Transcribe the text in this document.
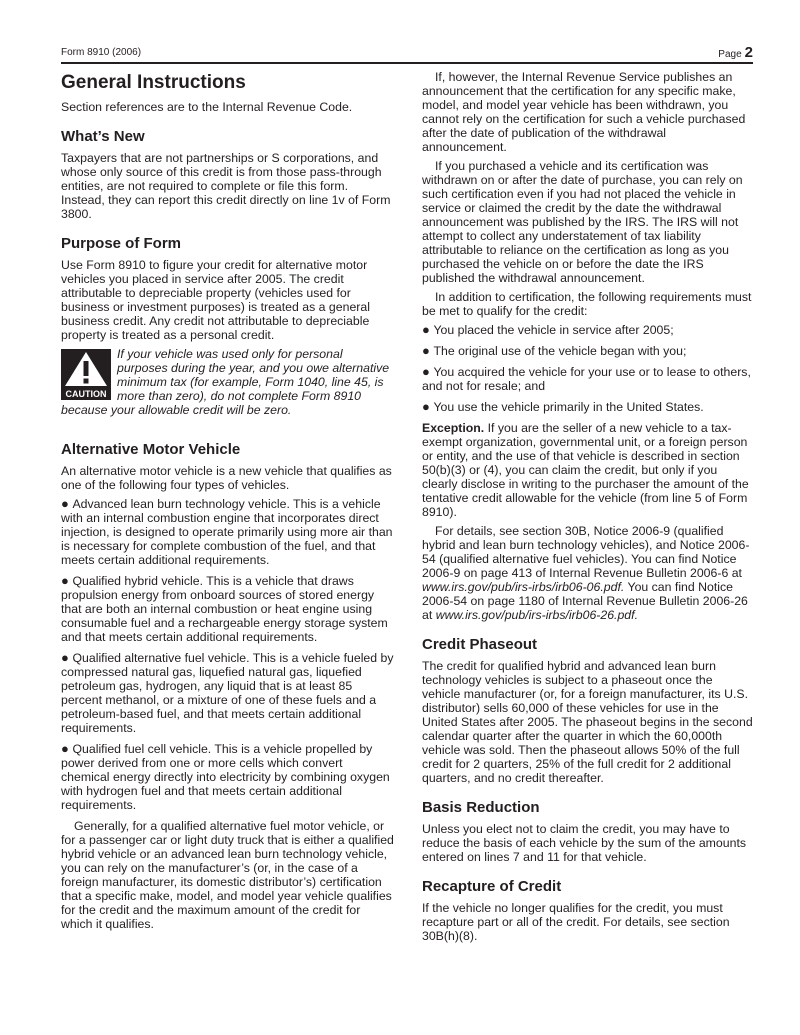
Form 8910 (2006)	Page 2
General Instructions

Section references are to the Internal Revenue Code.

What’s New

Taxpayers that are not partnerships or S corporations, and whose only source of this credit is from those pass-through entities, are not required to complete or file this form. Instead, they can report this credit directly on line 1v of Form 3800.

Purpose of Form

Use Form 8910 to figure your credit for alternative motor vehicles you placed in service after 2005. The credit attributable to depreciable property (vehicles used for business or investment purposes) is treated as a general business credit. Any credit not attributable to depreciable property is treated as a personal credit.

CAUTION

If your vehicle was used only for personal purposes during the year, and you owe alternative minimum tax (for example, Form 1040, line 45, is more than zero), do not complete Form 8910 because your allowable credit will be zero.

Alternative Motor Vehicle

An alternative motor vehicle is a new vehicle that qualifies as one of the following four types of vehicles.

● Advanced lean burn technology vehicle. This is a vehicle with an internal combustion engine that incorporates direct injection, is designed to operate primarily using more air than is necessary for complete combustion of the fuel, and that meets certain additional requirements.

● Qualified hybrid vehicle. This is a vehicle that draws propulsion energy from onboard sources of stored energy that are both an internal combustion or heat engine using consumable fuel and a rechargeable energy storage system and that meets certain additional requirements.

● Qualified alternative fuel vehicle. This is a vehicle fueled by compressed natural gas, liquefied natural gas, liquefied petroleum gas, hydrogen, any liquid that is at least 85 percent methanol, or a mixture of one of these fuels and a petroleum-based fuel, and that meets certain additional requirements.

● Qualified fuel cell vehicle. This is a vehicle propelled by power derived from one or more cells which convert chemical energy directly into electricity by combining oxygen with hydrogen fuel and that meets certain additional requirements.

Generally, for a qualified alternative fuel motor vehicle, or for a passenger car or light duty truck that is either a qualified hybrid vehicle or an advanced lean burn technology vehicle, you can rely on the manufacturer’s (or, in the case of a foreign manufacturer, its domestic distributor’s) certification that a specific make, model, and model year vehicle qualifies for the credit and the maximum amount of the credit for which it qualifies.

If, however, the Internal Revenue Service publishes an announcement that the certification for any specific make, model, and model year vehicle has been withdrawn, you cannot rely on the certification for such a vehicle purchased after the date of publication of the withdrawal announcement.

If you purchased a vehicle and its certification was withdrawn on or after the date of purchase, you can rely on such certification even if you had not placed the vehicle in service or claimed the credit by the date the withdrawal announcement was published by the IRS. The IRS will not attempt to collect any understatement of tax liability attributable to reliance on the certification as long as you purchased the vehicle on or before the date the IRS published the withdrawal announcement.

In addition to certification, the following requirements must be met to qualify for the credit:

● You placed the vehicle in service after 2005;

● The original use of the vehicle began with you;

● You acquired the vehicle for your use or to lease to others, and not for resale; and

● You use the vehicle primarily in the United States.

Exception. If you are the seller of a new vehicle to a tax-exempt organization, governmental unit, or a foreign person or entity, and the use of that vehicle is described in section 50(b)(3) or (4), you can claim the credit, but only if you clearly disclose in writing to the purchaser the amount of the tentative credit allowable for the vehicle (from line 5 of Form 8910).

For details, see section 30B, Notice 2006-9 (qualified hybrid and lean burn technology vehicles), and Notice 2006-54 (qualified alternative fuel vehicles). You can find Notice 2006-9 on page 413 of Internal Revenue Bulletin 2006-6 at www.irs.gov/pub/irs-irbs/irb06-06.pdf. You can find Notice 2006-54 on page 1180 of Internal Revenue Bulletin 2006-26 at www.irs.gov/pub/irs-irbs/irb06-26.pdf.

Credit Phaseout

The credit for qualified hybrid and advanced lean burn technology vehicles is subject to a phaseout once the vehicle manufacturer (or, for a foreign manufacturer, its U.S. distributor) sells 60,000 of these vehicles for use in the United States after 2005. The phaseout begins in the second calendar quarter after the quarter in which the 60,000th vehicle was sold. Then the phaseout allows 50% of the full credit for 2 quarters, 25% of the full credit for 2 additional quarters, and no credit thereafter.

Basis Reduction

Unless you elect not to claim the credit, you may have to reduce the basis of each vehicle by the sum of the amounts entered on lines 7 and 11 for that vehicle.

Recapture of Credit

If the vehicle no longer qualifies for the credit, you must recapture part or all of the credit. For details, see section 30B(h)(8).
